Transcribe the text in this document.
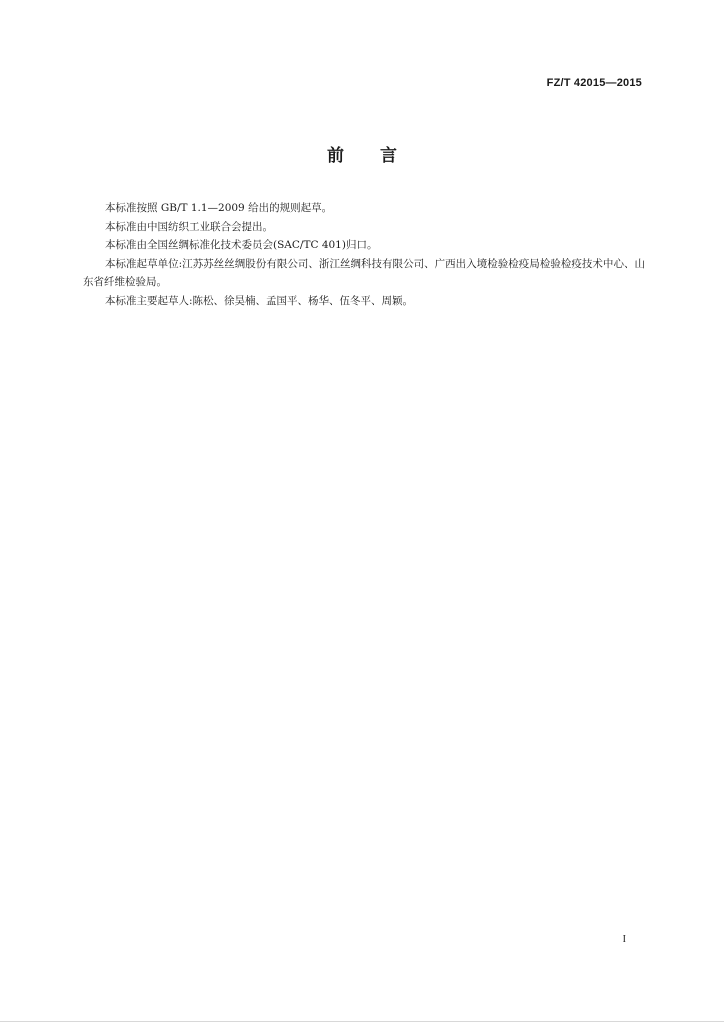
FZ/T 42015—2015
前 言

本标准按照 GB/T 1.1—2009 给出的规则起草。

本标准由中国纺织工业联合会提出。

本标准由全国丝绸标准化技术委员会(SAC/TC 401)归口。

本标准起草单位:江苏苏丝丝绸股份有限公司、浙江丝绸科技有限公司、广西出入境检验检疫局检验检疫技术中心、山东省纤维检验局。

本标准主要起草人:陈松、徐昊楠、孟国平、杨华、伍冬平、周颖。

I
